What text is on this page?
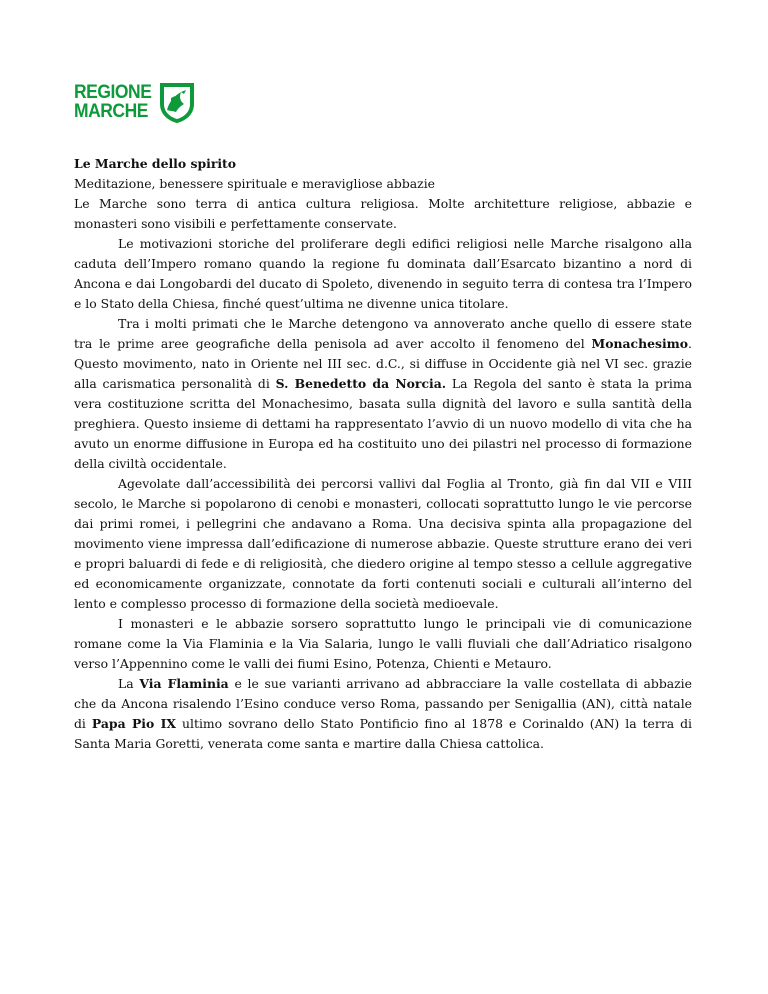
REGIONE
MARCHE

Le Marche dello spirito

Meditazione, benessere spirituale e meravigliose abbazie

Le Marche sono terra di antica cultura religiosa. Molte architetture religiose, abbazie e monasteri sono visibili e perfettamente conservate.

Le motivazioni storiche del proliferare degli edifici religiosi nelle Marche risalgono alla caduta dell’Impero romano quando la regione fu dominata dall’Esarcato bizantino a nord di Ancona e dai Longobardi del ducato di Spoleto, divenendo in seguito terra di contesa tra l’Impero e lo Stato della Chiesa, finché quest’ultima ne divenne unica titolare.

Tra i molti primati che le Marche detengono va annoverato anche quello di essere state tra le prime aree geografiche della penisola ad aver accolto il fenomeno del Monachesimo. Questo movimento, nato in Oriente nel III sec. d.C., si diffuse in Occidente già nel VI sec. grazie alla carismatica personalità di S. Benedetto da Norcia. La Regola del santo è stata la prima vera costituzione scritta del Monachesimo, basata sulla dignità del lavoro e sulla santità della preghiera. Questo insieme di dettami ha rappresentato l’avvio di un nuovo modello di vita che ha avuto un enorme diffusione in Europa ed ha costituito uno dei pilastri nel processo di formazione della civiltà occidentale.

Agevolate dall’accessibilità dei percorsi vallivi dal Foglia al Tronto, già fin dal VII e VIII secolo, le Marche si popolarono di cenobi e monasteri, collocati soprattutto lungo le vie percorse dai primi romei, i pellegrini che andavano a Roma. Una decisiva spinta alla propagazione del movimento viene impressa dall’edificazione di numerose abbazie. Queste strutture erano dei veri e propri baluardi di fede e di religiosità, che diedero origine al tempo stesso a cellule aggregative ed economicamente organizzate, connotate da forti contenuti sociali e culturali all’interno del lento e complesso processo di formazione della società medioevale.

I monasteri e le abbazie sorsero soprattutto lungo le principali vie di comunicazione romane come la Via Flaminia e la Via Salaria, lungo le valli fluviali che dall’Adriatico risalgono verso l’Appennino come le valli dei fiumi Esino, Potenza, Chienti e Metauro.

La Via Flaminia e le sue varianti arrivano ad abbracciare la valle costellata di abbazie che da Ancona risalendo l’Esino conduce verso Roma, passando per Senigallia (AN), città natale di Papa Pio IX ultimo sovrano dello Stato Pontificio fino al 1878 e Corinaldo (AN) la terra di Santa Maria Goretti, venerata come santa e martire dalla Chiesa cattolica.
